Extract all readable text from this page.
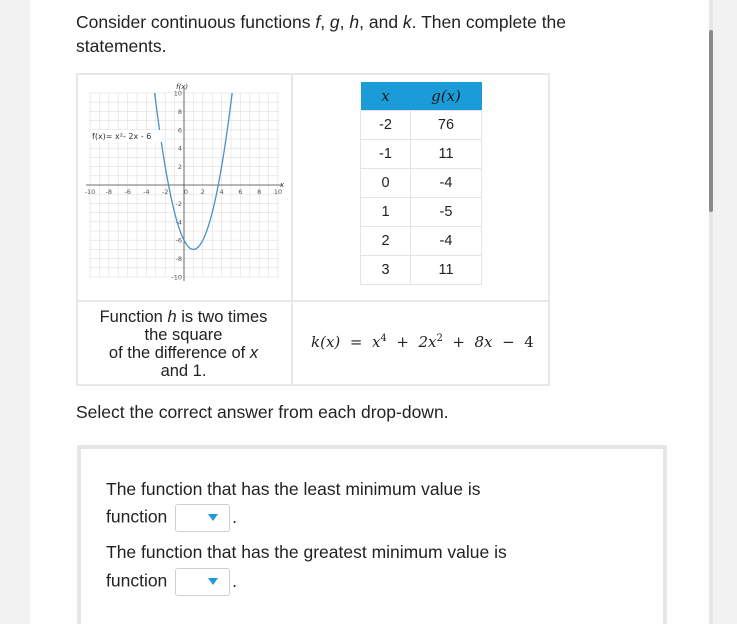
Consider continuous functions f, g, h, and k. Then complete the statements.
-10 -8 -6 -4 -2 0 2 4 6 8 10
10
8
6
4
2
-2
-4
-6
-8
-10
f(x)
x
f(x)= x²- 2x - 6
x	g(x)
-2	76
-1	11
0	-4
1	-5
2	-4
3	11
Function h is two times
the square
of the difference of x
and 1.
$k(x) = x^4 + 2x^2 + 8x - 4$
Select the correct answer from each drop-down.
The function that has the least minimum value is
function	.
The function that has the greatest minimum value is
function	.
